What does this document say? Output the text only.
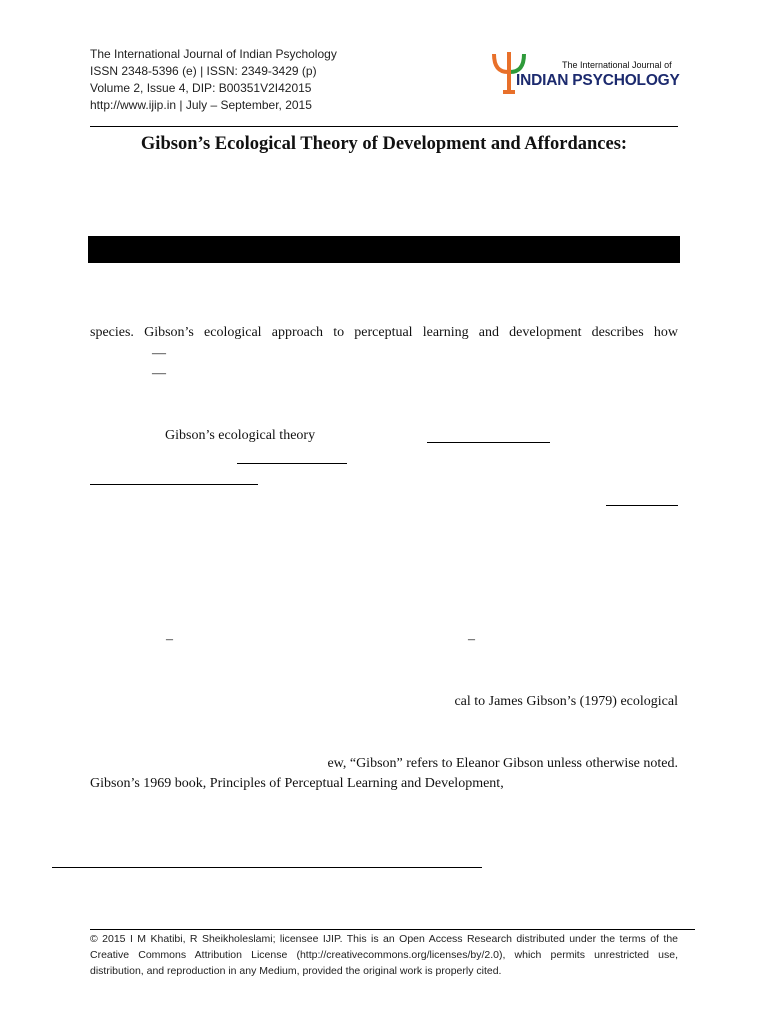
The International Journal of Indian Psychology
ISSN 2348-5396 (e) | ISSN: 2349-3429 (p)
Volume 2, Issue 4, DIP: B00351V2I42015
http://www.ijip.in | July – September, 2015
The International Journal of
INDIAN PSYCHOLOGY
Gibson’s Ecological Theory of Development and Affordances:
species. Gibson’s ecological approach to perceptual learning and development describes how
—
—
Gibson’s ecological theory
–	–
cal to James Gibson’s (1979) ecological
ew, “Gibson” refers to Eleanor Gibson unless otherwise noted.
Gibson’s 1969 book, Principles of Perceptual Learning and Development,
© 2015 I M Khatibi, R Sheikholeslami; licensee IJIP. This is an Open Access Research distributed under the terms of the Creative Commons Attribution License (http://creativecommons.org/licenses/by/2.0), which permits unrestricted use, distribution, and reproduction in any Medium, provided the original work is properly cited.
